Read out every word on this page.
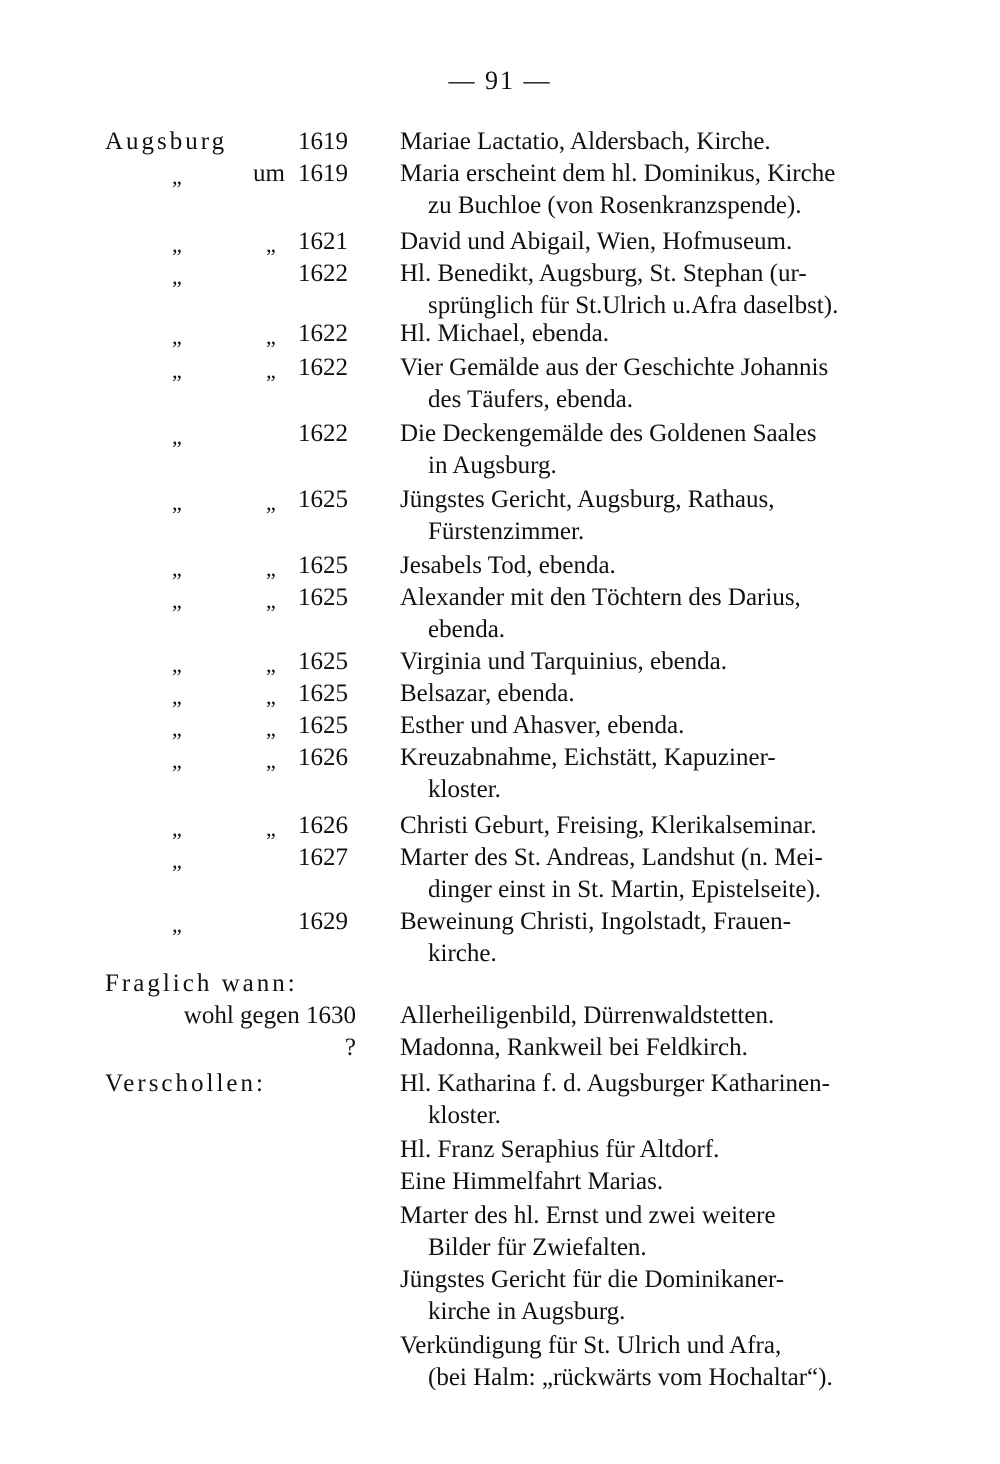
— 91 —
Augsburg	1619 Mariae Lactatio, Aldersbach, Kirche.
„	um 1619 Maria erscheint dem hl. Dominikus, Kirche
zu Buchloe (von Rosenkranzspende).
„	„ 1621 David und Abigail, Wien, Hofmuseum.
„	1622 Hl. Benedikt, Augsburg, St. Stephan (ur-
sprünglich für St.Ulrich u.Afra daselbst).
„	„ 1622 Hl. Michael, ebenda.
„	„ 1622 Vier Gemälde aus der Geschichte Johannis
des Täufers, ebenda.
„	1622 Die Deckengemälde des Goldenen Saales
in Augsburg.
„	„ 1625 Jüngstes Gericht, Augsburg, Rathaus,
Fürstenzimmer.
„	„ 1625 Jesabels Tod, ebenda.
„	„ 1625 Alexander mit den Töchtern des Darius,
ebenda.
„	„ 1625 Virginia und Tarquinius, ebenda.
„	„ 1625 Belsazar, ebenda.
„	„ 1625 Esther und Ahasver, ebenda.
„	„ 1626 Kreuzabnahme, Eichstätt, Kapuziner-
kloster.
„	„ 1626 Christi Geburt, Freising, Klerikalseminar.
„	1627 Marter des St. Andreas, Landshut (n. Mei-
dinger einst in St. Martin, Epistelseite).
„	1629 Beweinung Christi, Ingolstadt, Frauen-
kirche.
Fraglich wann:
wohl gegen 1630 Allerheiligenbild, Dürrenwaldstetten.
? Madonna, Rankweil bei Feldkirch.
Verschollen:	Hl. Katharina f. d. Augsburger Katharinen-
kloster.
Hl. Franz Seraphius für Altdorf.
Eine Himmelfahrt Marias.
Marter des hl. Ernst und zwei weitere
Bilder für Zwiefalten.
Jüngstes Gericht für die Dominikaner-
kirche in Augsburg.
Verkündigung für St. Ulrich und Afra,
(bei Halm: „rückwärts vom Hochaltar“).
